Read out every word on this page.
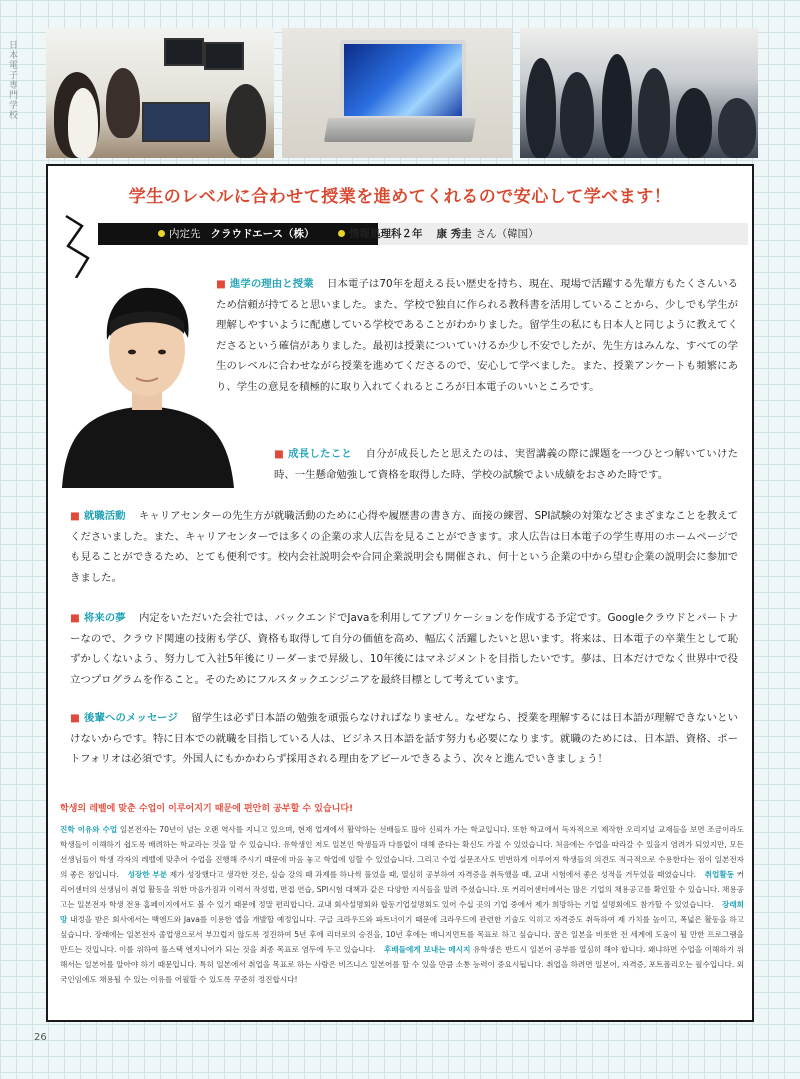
日本電子専門学校
学生のレベルに合わせて授業を進めてくれるので安心して学べます！
内定先 クラウドエース（株）	情報処理科２年 康 秀圭 さん（韓国）
■ 進学の理由と授業 日本電子は70年を超える長い歴史を持ち、現在、現場で活躍する先輩方もたくさんいるため信頼が持てると思いました。また、学校で独自に作られる教科書を活用していることから、少しでも学生が理解しやすいように配慮している学校であることがわかりました。留学生の私にも日本人と同じように教えてくださるという確信がありました。最初は授業についていけるか少し不安でしたが、先生方はみんな、すべての学生のレベルに合わせながら授業を進めてくださるので、安心して学べました。また、授業アンケートも頻繁にあり、学生の意見を積極的に取り入れてくれるところが日本電子のいいところです。
■ 成長したこと 自分が成長したと思えたのは、実習講義の際に課題を一つひとつ解いていけた時、一生懸命勉強して資格を取得した時、学校の試験でよい成績をおさめた時です。
■ 就職活動 キャリアセンターの先生方が就職活動のために心得や履歴書の書き方、面接の練習、SPI試験の対策などさまざまなことを教えてくださいました。また、キャリアセンターでは多くの企業の求人広告を見ることができます。求人広告は日本電子の学生専用のホームページでも見ることができるため、とても便利です。校内会社説明会や合同企業説明会も開催され、何十という企業の中から望む企業の説明会に参加できました。
■ 将来の夢 内定をいただいた会社では、バックエンドでJavaを利用してアプリケーションを作成する予定です。Googleクラウドとパートナーなので、クラウド関連の技術も学び、資格も取得して自分の価値を高め、幅広く活躍したいと思います。将来は、日本電子の卒業生として恥ずかしくないよう、努力して入社5年後にリーダーまで昇級し、10年後にはマネジメントを目指したいです。夢は、日本だけでなく世界中で役立つプログラムを作ること。そのためにフルスタックエンジニアを最終目標として考えています。
■ 後輩へのメッセージ 留学生は必ず日本語の勉強を頑張らなければなりません。なぜなら、授業を理解するには日本語が理解できないといけないからです。特に日本での就職を目指している人は、ビジネス日本語を話す努力も必要になります。就職のためには、日本語、資格、ポートフォリオは必須です。外国人にもかかわらず採用される理由をアピールできるよう、次々と進んでいきましょう！
학생의 레벨에 맞춘 수업이 이루어지기 때문에 편안히 공부할 수 있습니다!
진학 이유와 수업 일본전자는 70년이 넘는 오랜 역사를 지니고 있으며, 현재 업계에서 활약하는 선배들도 많아 신뢰가 가는 학교입니다. 또한 학교에서 독자적으로 제작한 오리지널 교재들을 보면 조금이라도 학생들이 이해하기 쉽도록 배려하는 학교라는 것을 알 수 있습니다. 유학생인 저도 일본인 학생들과 다름없이 대해 준다는 확신도 가질 수 있었습니다. 처음에는 수업을 따라갈 수 있을지 염려가 되었지만, 모든 선생님들이 학생 각자의 레벨에 맞추어 수업을 진행해 주시기 때문에 마음 놓고 학업에 임할 수 있었습니다. 그리고 수업 설문조사도 빈번하게 이루어져 학생들의 의견도 적극적으로 수용한다는 점이 일본전자의 좋은 점입니다. 성장한 부분 제가 성장했다고 생각한 것은, 실습 강의 때 과제를 하나씩 풀었을 때, 열심히 공부하여 자격증을 취득했을 때, 교내 시험에서 좋은 성적을 거두었을 때였습니다. 취업활동 커리어센터의 선생님이 취업 활동을 위한 마음가짐과 이력서 작성법, 면접 연습, SPI시험 대책과 같은 다양한 지식들을 알려 주셨습니다. 또 커리어센터에서는 많은 기업의 채용공고를 확인할 수 있습니다. 채용공고는 일본전자 학생 전용 홈페이지에서도 볼 수 있기 때문에 정말 편리합니다. 교내 회사설명회와 합동기업설명회도 있어 수십 곳의 기업 중에서 제가 희망하는 기업 설명회에도 참가할 수 있었습니다. 장래희망 내정을 받은 회사에서는 백엔드와 Java를 이용한 앱을 개발할 예정입니다. 구글 크라우드와 파트너이기 때문에 크라우드에 관련한 기술도 익히고 자격증도 취득하여 제 가치를 높이고, 폭넓은 활동을 하고 싶습니다. 장래에는 일본전자 졸업생으로서 부끄럽지 않도록 정진하여 5년 후에 리더로의 승진을, 10년 후에는 매니지먼트를 목표로 하고 싶습니다. 꿈은 일본을 비롯한 전 세계에 도움이 될 만한 프로그램을 만드는 것입니다. 이를 위하여 풀스택 엔지니어가 되는 것을 최종 목표로 염두에 두고 있습니다. 후배들에게 보내는 메시지 유학생은 반드시 일본어 공부를 열심히 해야 합니다. 왜냐하면 수업을 이해하기 위해서는 일본어를 알아야 하기 때문입니다. 특히 일본에서 취업을 목표로 하는 사람은 비즈니스 일본어를 할 수 있을 만큼 소통 능력이 중요시됩니다. 취업을 하려면 일본어, 자격증, 포트폴리오는 필수입니다. 외국인임에도 채용될 수 있는 이유를 어필할 수 있도록 꾸준히 정진합시다!
26
